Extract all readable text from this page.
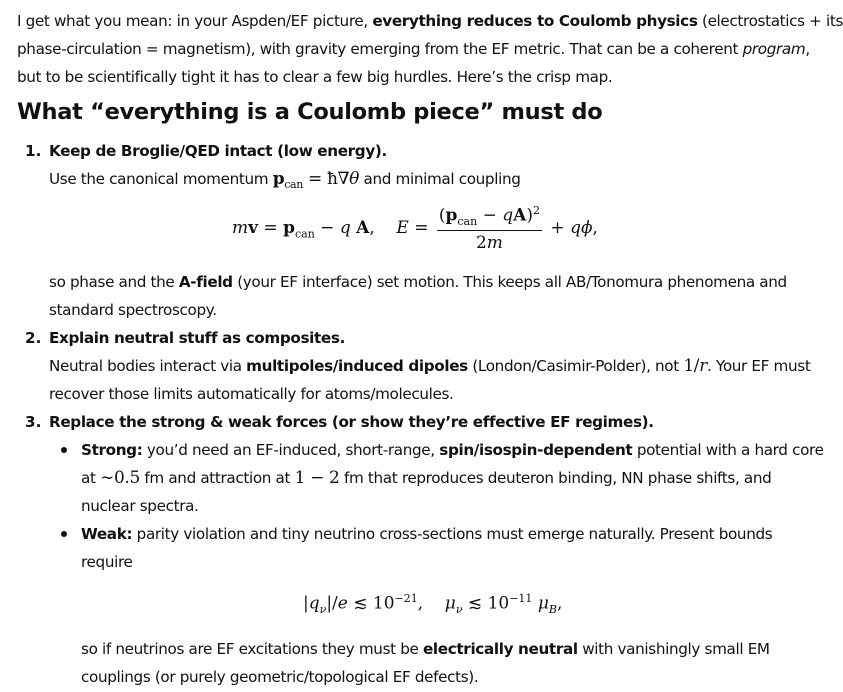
I get what you mean: in your Aspden/EF picture, everything reduces to Coulomb physics (electrostatics + its
phase-circulation = magnetism), with gravity emerging from the EF metric. That can be a coherent program,
but to be scientifically tight it has to clear a few big hurdles. Here’s the crisp map.
What “everything is a Coulomb piece” must do
1. Keep de Broglie/QED intact (low energy).
Use the canonical momentum $p_{can}$ = ħ∇θ and minimal coupling
mv = $p_{can} - q$ A,    $E = \frac{(p_{can} - qA)^2}{2m} + q\phi$,
so phase and the A-field (your EF interface) set motion. This keeps all AB/Tonomura phenomena and
standard spectroscopy.
2. Explain neutral stuff as composites.
Neutral bodies interact via multipoles/induced dipoles (London/Casimir-Polder), not 1/r. Your EF must
recover those limits automatically for atoms/molecules.
3. Replace the strong & weak forces (or show they’re effective EF regimes).
Strong: you’d need an EF-induced, short-range, spin/isospin-dependent potential with a hard core
at ∼0.5 fm and attraction at 1 − 2 fm that reproduces deuteron binding, NN phase shifts, and
nuclear spectra.
Weak: parity violation and tiny neutrino cross-sections must emerge naturally. Present bounds
require
$|q_\nu|/e$ ≲ $10^{-21}$,    $\mu_\nu$ ≲ $10^{-11}$ $\mu_B$,
so if neutrinos are EF excitations they must be electrically neutral with vanishingly small EM
couplings (or purely geometric/topological EF defects).
